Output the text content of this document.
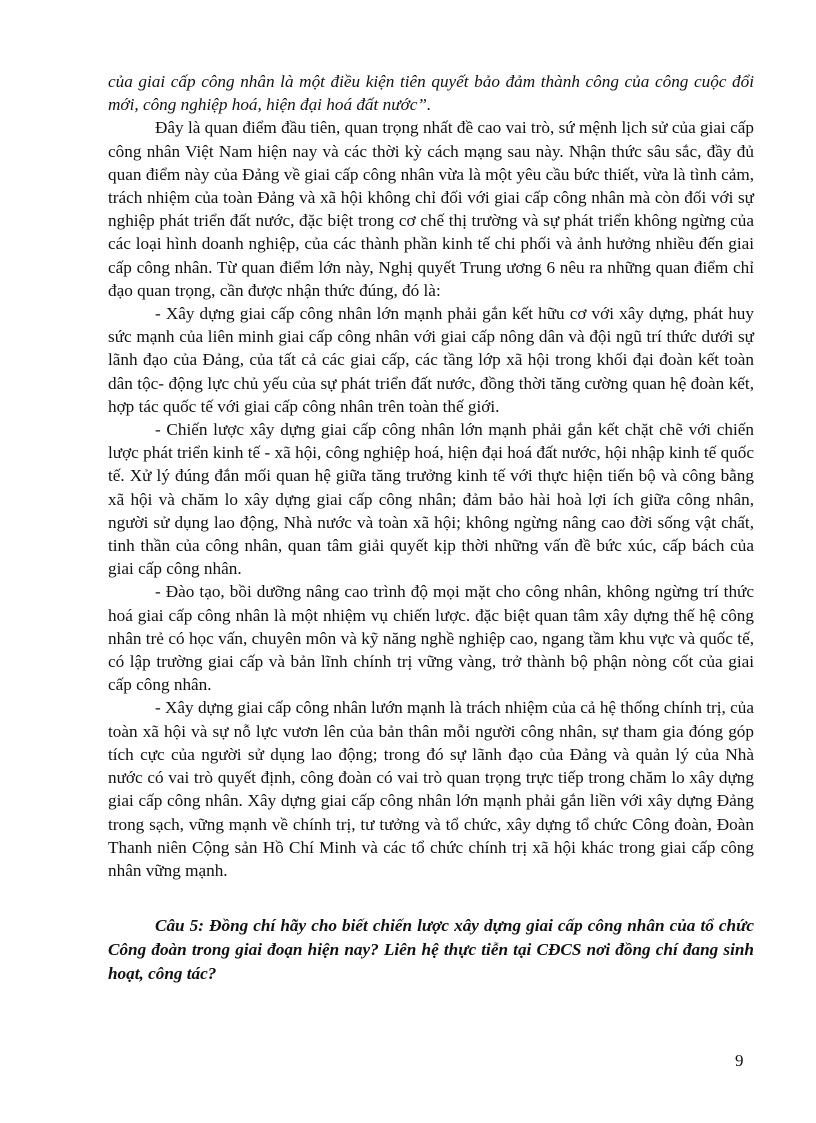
của giai cấp công nhân là một điều kiện tiên quyết bảo đảm thành công của công cuộc đổi mới, công nghiệp hoá, hiện đại hoá đất nước”.

Đây là quan điểm đầu tiên, quan trọng nhất đề cao vai trò, sứ mệnh lịch sử của giai cấp công nhân Việt Nam hiện nay và các thời kỳ cách mạng sau này. Nhận thức sâu sắc, đầy đủ quan điểm này của Đảng về giai cấp công nhân vừa là một yêu cầu bức thiết, vừa là tình cảm, trách nhiệm của toàn Đảng và xã hội không chỉ đối với giai cấp công nhân mà còn đối với sự nghiệp phát triển đất nước, đặc biệt trong cơ chế thị trường và sự phát triển không ngừng của các loại hình doanh nghiệp, của các thành phần kinh tế chi phối và ảnh hưởng nhiều đến giai cấp công nhân. Từ quan điểm lớn này, Nghị quyết Trung ương 6 nêu ra những quan điểm chỉ đạo quan trọng, cần được nhận thức đúng, đó là:

- Xây dựng giai cấp công nhân lớn mạnh phải gắn kết hữu cơ với xây dựng, phát huy sức mạnh của liên minh giai cấp công nhân với giai cấp nông dân và đội ngũ trí thức dưới sự lãnh đạo của Đảng, của tất cả các giai cấp, các tầng lớp xã hội trong khối đại đoàn kết toàn dân tộc- động lực chủ yếu của sự phát triển đất nước, đồng thời tăng cường quan hệ đoàn kết, hợp tác quốc tế với giai cấp công nhân trên toàn thế giới.

- Chiến lược xây dựng giai cấp công nhân lớn mạnh phải gắn kết chặt chẽ với chiến lược phát triển kinh tế - xã hội, công nghiệp hoá, hiện đại hoá đất nước, hội nhập kinh tế quốc tế. Xử lý đúng đắn mối quan hệ giữa tăng trưởng kinh tế với thực hiện tiến bộ và công bằng xã hội và chăm lo xây dựng giai cấp công nhân; đảm bảo hài hoà lợi ích giữa công nhân, người sử dụng lao động, Nhà nước và toàn xã hội; không ngừng nâng cao đời sống vật chất, tinh thần của công nhân, quan tâm giải quyết kịp thời những vấn đề bức xúc, cấp bách của giai cấp công nhân.

- Đào tạo, bồi dưỡng nâng cao trình độ mọi mặt cho công nhân, không ngừng trí thức hoá giai cấp công nhân là một nhiệm vụ chiến lược. đặc biệt quan tâm xây dựng thế hệ công nhân trẻ có học vấn, chuyên môn và kỹ năng nghề nghiệp cao, ngang tầm khu vực và quốc tế, có lập trường giai cấp và bản lĩnh chính trị vững vàng, trở thành bộ phận nòng cốt của giai cấp công nhân.

- Xây dựng giai cấp công nhân lướn mạnh là trách nhiệm của cả hệ thống chính trị, của toàn xã hội và sự nỗ lực vươn lên của bản thân mỗi người công nhân, sự tham gia đóng góp tích cực của người sử dụng lao động; trong đó sự lãnh đạo của Đảng và quản lý của Nhà nước có vai trò quyết định, công đoàn có vai trò quan trọng trực tiếp trong chăm lo xây dựng giai cấp công nhân. Xây dựng giai cấp công nhân lớn mạnh phải gắn liền với xây dựng Đảng trong sạch, vững mạnh về chính trị, tư tưởng và tổ chức, xây dựng tổ chức Công đoàn, Đoàn Thanh niên Cộng sản Hồ Chí Minh và các tổ chức chính trị xã hội khác trong giai cấp công nhân vững mạnh.

Câu 5: Đồng chí hãy cho biết chiến lược xây dựng giai cấp công nhân của tổ chức Công đoàn trong giai đoạn hiện nay? Liên hệ thực tiễn tại CĐCS nơi đồng chí đang sinh hoạt, công tác?

9
